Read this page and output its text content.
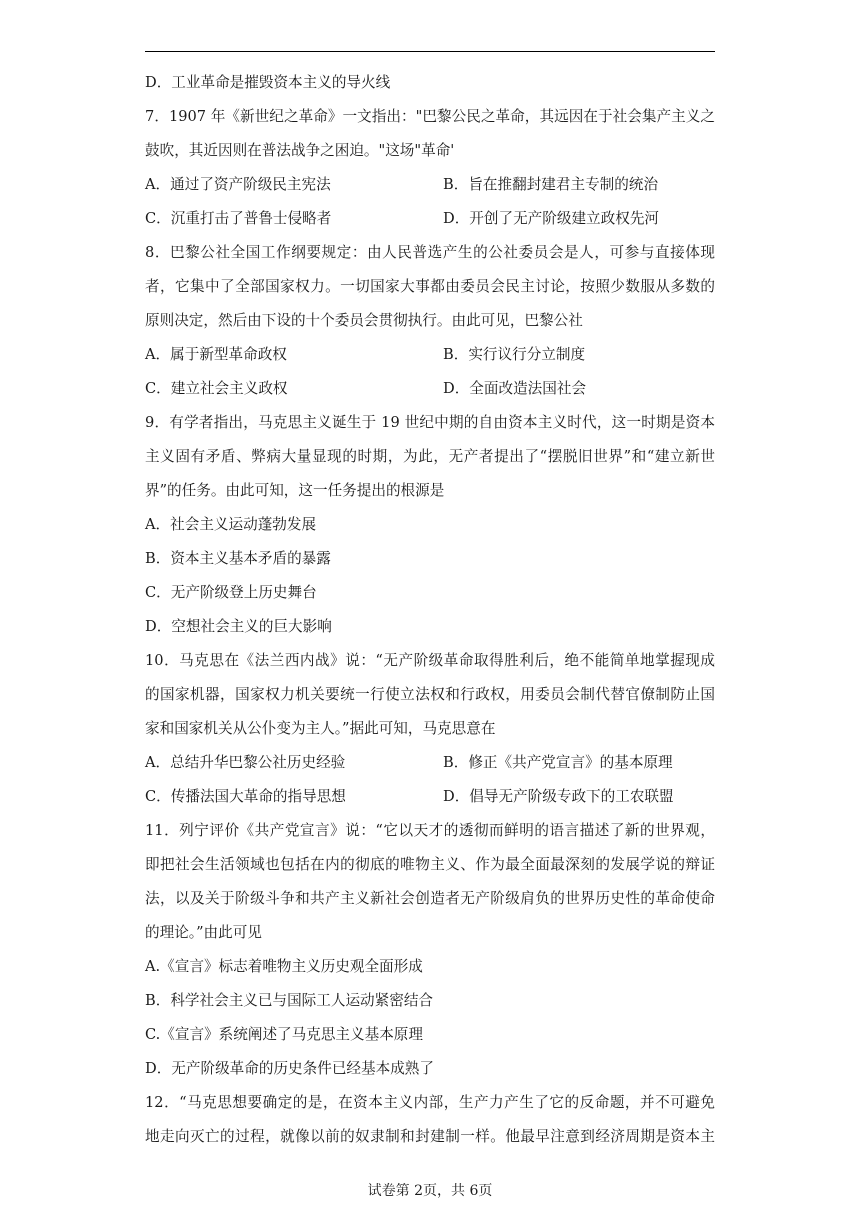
D．工业革命是摧毁资本主义的导火线
7．1907 年《新世纪之革命》一文指出："巴黎公民之革命，其远因在于社会集产主义之
鼓吹，其近因则在普法战争之困迫。"这场"革命'
A．通过了资产阶级民主宪法	B．旨在推翻封建君主专制的统治
C．沉重打击了普鲁士侵略者	D．开创了无产阶级建立政权先河
8．巴黎公社全国工作纲要规定：由人民普选产生的公社委员会是人，可参与直接体现
者，它集中了全部国家权力。一切国家大事都由委员会民主讨论，按照少数服从多数的
原则决定，然后由下设的十个委员会贯彻执行。由此可见，巴黎公社
A．属于新型革命政权	B．实行议行分立制度
C．建立社会主义政权	D．全面改造法国社会
9．有学者指出，马克思主义诞生于 19 世纪中期的自由资本主义时代，这一时期是资本
主义固有矛盾、弊病大量显现的时期，为此，无产者提出了“摆脱旧世界”和“建立新世
界”的任务。由此可知，这一任务提出的根源是
A．社会主义运动蓬勃发展
B．资本主义基本矛盾的暴露
C．无产阶级登上历史舞台
D．空想社会主义的巨大影响
10．马克思在《法兰西内战》说：“无产阶级革命取得胜利后，绝不能简单地掌握现成
的国家机器，国家权力机关要统一行使立法权和行政权，用委员会制代替官僚制防止国
家和国家机关从公仆变为主人。”据此可知，马克思意在
A．总结升华巴黎公社历史经验	B．修正《共产党宣言》的基本原理
C．传播法国大革命的指导思想	D．倡导无产阶级专政下的工农联盟
11．列宁评价《共产党宣言》说：“它以天才的透彻而鲜明的语言描述了新的世界观，
即把社会生活领域也包括在内的彻底的唯物主义、作为最全面最深刻的发展学说的辩证
法，以及关于阶级斗争和共产主义新社会创造者无产阶级肩负的世界历史性的革命使命
的理论。”由此可见
A.《宣言》标志着唯物主义历史观全面形成
B．科学社会主义已与国际工人运动紧密结合
C.《宣言》系统阐述了马克思主义基本原理
D．无产阶级革命的历史条件已经基本成熟了
12．“马克思想要确定的是，在资本主义内部，生产力产生了它的反命题，并不可避免
地走向灭亡的过程，就像以前的奴隶制和封建制一样。他最早注意到经济周期是资本主
试卷第 2页，共 6页
